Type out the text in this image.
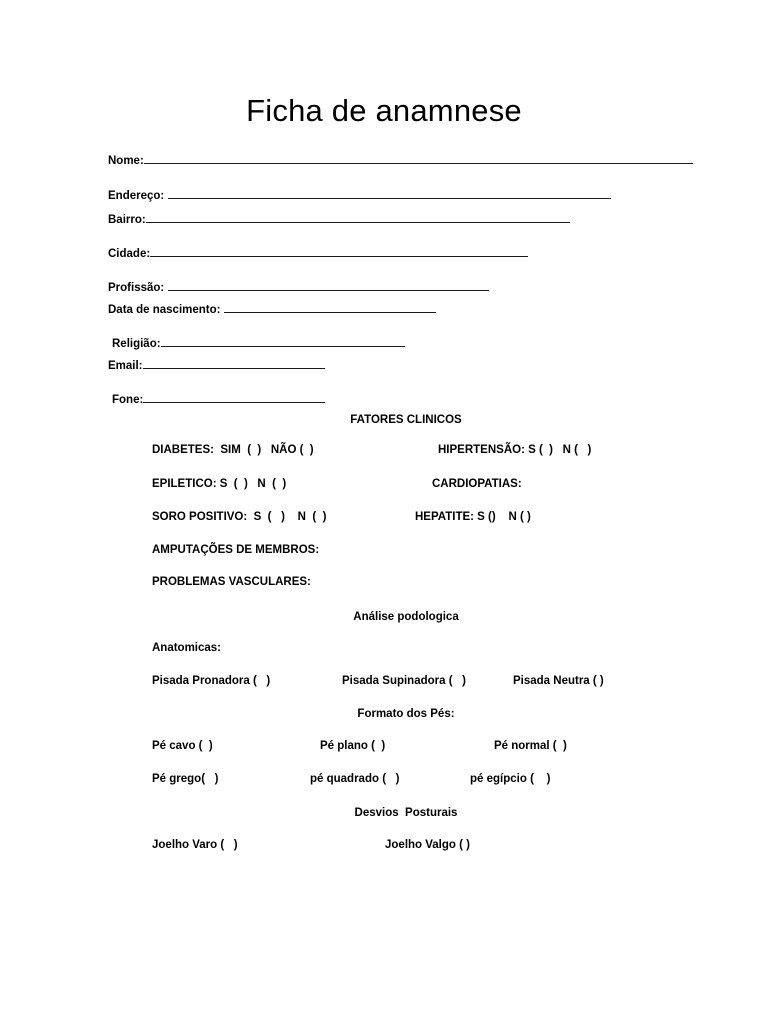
Ficha de anamnese
Nome:
Endereço:
Bairro:
Cidade:
Profissão:
Data de nascimento:
Religião:
Email:
Fone:
FATORES CLINICOS
DIABETES:  SIM  (  )   NÃO (  )	HIPERTENSÃO: S (  )   N (   )
EPILETICO: S  (  )   N  (  )	CARDIOPATIAS:
SORO POSITIVO:  S  (   )    N  (  )	HEPATITE: S ()    N ( )
AMPUTAÇÕES DE MEMBROS:
PROBLEMAS VASCULARES:
Análise podologica

Anatomicas:

Pisada Pronadora (   )	Pisada Supinadora (   )	Pisada Neutra ( )
Formato dos Pés:
Pé cavo (  )	Pé plano (  )	Pé normal (  )
Pé grego(   )	pé quadrado (   )	pé egípcio (    )
Desvios  Posturais
Joelho Varo (   )	Joelho Valgo ( )
